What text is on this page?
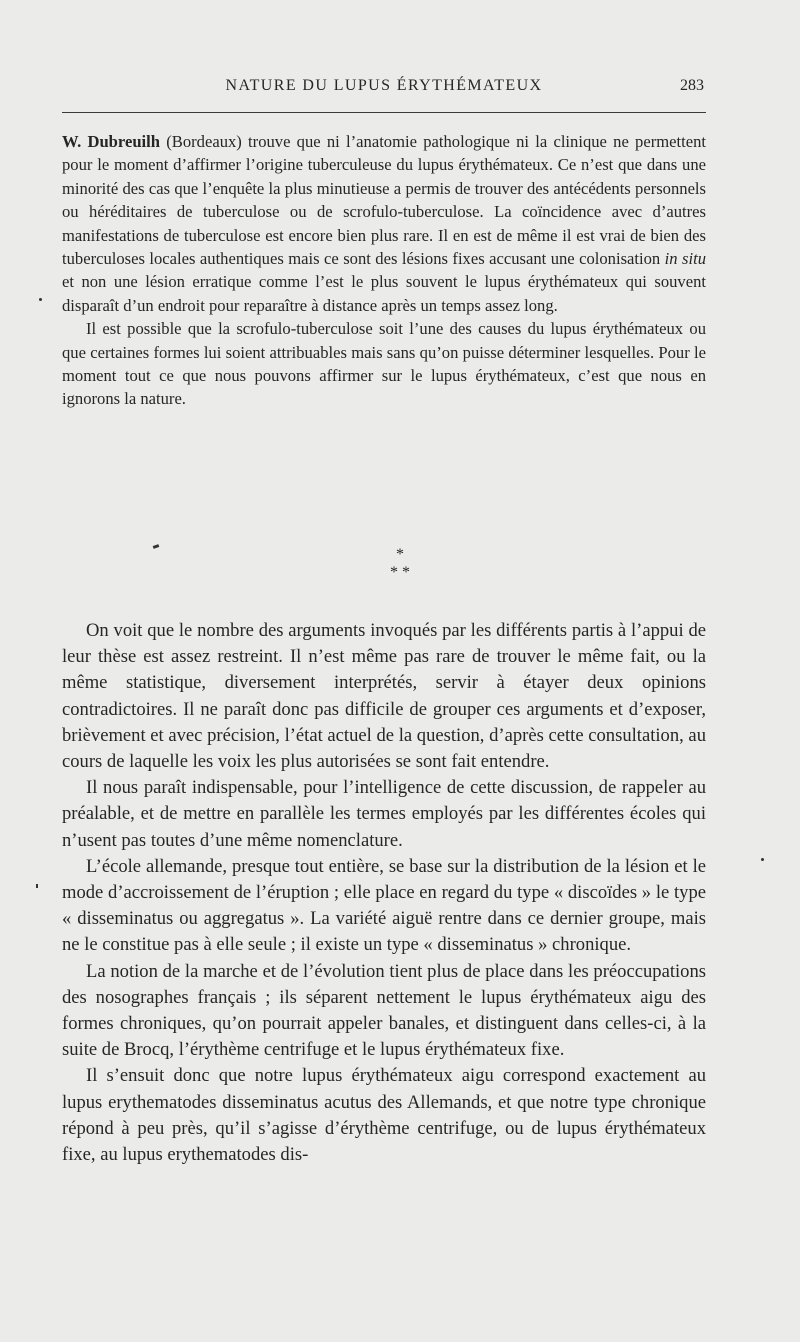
NATURE DU LUPUS ÉRYTHÉMATEUX	283

W. Dubreuilh (Bordeaux) trouve que ni l’anatomie pathologique ni la clinique ne permettent pour le moment d’affirmer l’origine tuberculeuse du lupus érythémateux. Ce n’est que dans une minorité des cas que l’enquête la plus minutieuse a permis de trouver des antécédents personnels ou héréditaires de tuberculose ou de scrofulo-tuberculose. La coïncidence avec d’autres manifestations de tuberculose est encore bien plus rare. Il en est de même il est vrai de bien des tuberculoses locales authentiques mais ce sont des lésions fixes accusant une colonisation in situ et non une lésion erratique comme l’est le plus souvent le lupus érythémateux qui souvent disparaît d’un endroit pour reparaître à distance après un temps assez long.

Il est possible que la scrofulo-tuberculose soit l’une des causes du lupus érythémateux ou que certaines formes lui soient attribuables mais sans qu’on puisse déterminer lesquelles. Pour le moment tout ce que nous pouvons affirmer sur le lupus érythémateux, c’est que nous en ignorons la nature.

*
* *

On voit que le nombre des arguments invoqués par les différents partis à l’appui de leur thèse est assez restreint. Il n’est même pas rare de trouver le même fait, ou la même statistique, diversement interprétés, servir à étayer deux opinions contradictoires. Il ne paraît donc pas difficile de grouper ces arguments et d’exposer, brièvement et avec précision, l’état actuel de la question, d’après cette consultation, au cours de laquelle les voix les plus autorisées se sont fait entendre.

Il nous paraît indispensable, pour l’intelligence de cette discussion, de rappeler au préalable, et de mettre en parallèle les termes employés par les différentes écoles qui n’usent pas toutes d’une même nomenclature.

L’école allemande, presque tout entière, se base sur la distribution de la lésion et le mode d’accroissement de l’éruption ; elle place en regard du type « discoïdes » le type « disseminatus ou aggregatus ». La variété aiguë rentre dans ce dernier groupe, mais ne le constitue pas à elle seule ; il existe un type « disseminatus » chronique.

La notion de la marche et de l’évolution tient plus de place dans les préoccupations des nosographes français ; ils séparent nettement le lupus érythémateux aigu des formes chroniques, qu’on pourrait appeler banales, et distinguent dans celles-ci, à la suite de Brocq, l’érythème centrifuge et le lupus érythémateux fixe.

Il s’ensuit donc que notre lupus érythémateux aigu correspond exactement au lupus erythematodes disseminatus acutus des Allemands, et que notre type chronique répond à peu près, qu’il s’agisse d’érythème centrifuge, ou de lupus érythémateux fixe, au lupus erythematodes dis-
